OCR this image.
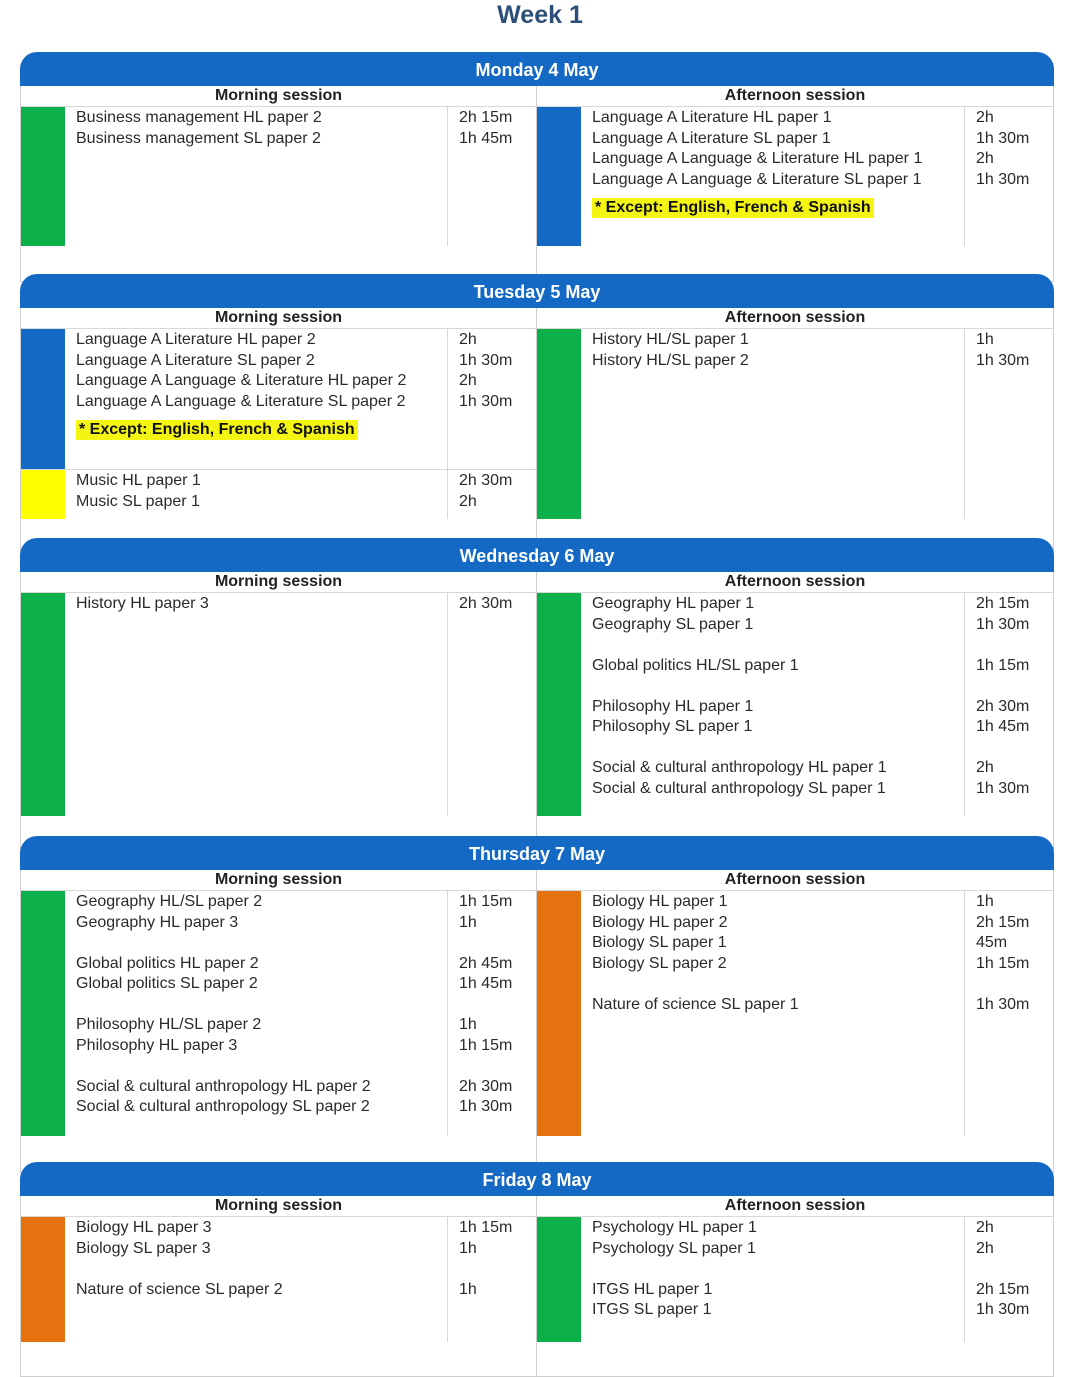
Week 1
Monday 4 May
Morning session
Business management HL paper 2
Business management SL paper 2
2h 15m
1h 45m
Afternoon session
Language A Literature HL paper 1
Language A Literature SL paper 1
Language A Language & Literature HL paper 1
Language A Language & Literature SL paper 1
* Except: English, French & Spanish
2h
1h 30m
2h
1h 30m
Tuesday 5 May
Morning session
Language A Literature HL paper 2
Language A Literature SL paper 2
Language A Language & Literature HL paper 2
Language A Language & Literature SL paper 2
* Except: English, French & Spanish
2h
1h 30m
2h
1h 30m
Music HL paper 1
Music SL paper 1
2h 30m
2h
Afternoon session
History HL/SL paper 1
History HL/SL paper 2
1h
1h 30m
Wednesday 6 May
Morning session
History HL paper 3	2h 30m
Afternoon session
Geography HL paper 1
Geography SL paper 1
Global politics HL/SL paper 1
Philosophy HL paper 1
Philosophy SL paper 1
Social & cultural anthropology HL paper 1
Social & cultural anthropology SL paper 1
2h 15m
1h 30m
1h 15m
2h 30m
1h 45m
2h
1h 30m
Thursday 7 May
Morning session
Geography HL/SL paper 2
Geography HL paper 3
Global politics HL paper 2
Global politics SL paper 2
Philosophy HL/SL paper 2
Philosophy HL paper 3
Social & cultural anthropology HL paper 2
Social & cultural anthropology SL paper 2
1h 15m
1h
2h 45m
1h 45m
1h
1h 15m
2h 30m
1h 30m
Afternoon session
Biology HL paper 1
Biology HL paper 2
Biology SL paper 1
Biology SL paper 2
Nature of science SL paper 1
1h
2h 15m
45m
1h 15m
1h 30m
Friday 8 May
Morning session
Biology HL paper 3
Biology SL paper 3
Nature of science SL paper 2
1h 15m
1h
1h
Afternoon session
Psychology HL paper 1
Psychology SL paper 1
ITGS HL paper 1
ITGS SL paper 1
2h
2h
2h 15m
1h 30m
